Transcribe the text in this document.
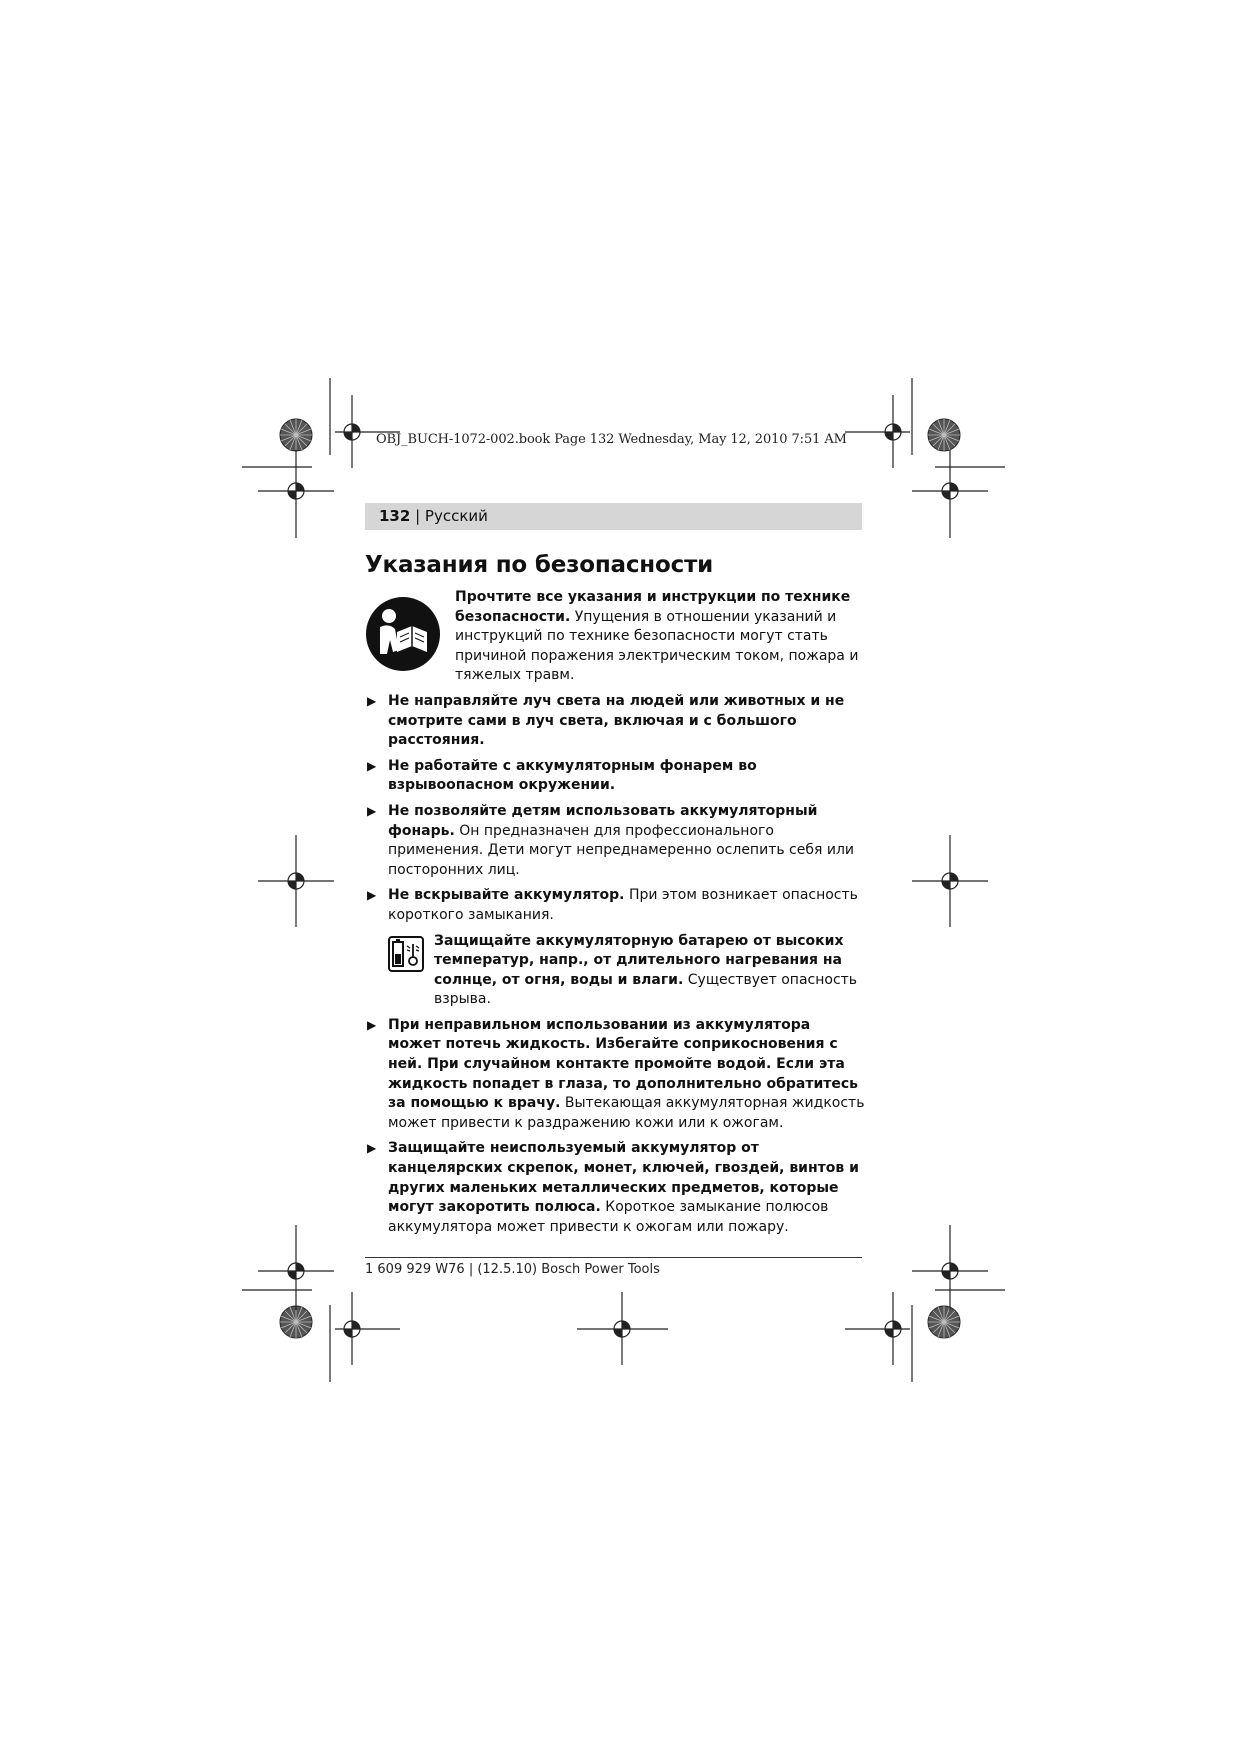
OBJ_BUCH-1072-002.book Page 132 Wednesday, May 12, 2010 7:51 AM
132 | Русский
Указания по безопасности
Прочтите все указания и инструкции по технике безопасности. Упущения в отношении указаний и инструкций по технике безопасности могут стать причиной поражения электрическим током, пожара и тяжелых травм.
▶ Не направляйте луч света на людей или животных и не смотрите сами в луч света, включая и с большого расстояния.

▶ Не работайте с аккумуляторным фонарем во взрывоопасном окружении.

▶ Не позволяйте детям использовать аккумуляторный фонарь. Он предназначен для профессионального применения. Дети могут непреднамеренно ослепить себя или посторонних лиц.

▶ Не вскрывайте аккумулятор. При этом возникает опасность короткого замыкания.

Защищайте аккумуляторную батарею от высоких температур, напр., от длительного нагревания на солнце, от огня, воды и влаги. Существует опасность взрыва.
▶ При неправильном использовании из аккумулятора может потечь жидкость. Избегайте соприкосновения с ней. При случайном контакте промойте водой. Если эта жидкость попадет в глаза, то дополнительно обратитесь за помощью к врачу. Вытекающая аккумуляторная жидкость может привести к раздражению кожи или к ожогам.

▶ Защищайте неиспользуемый аккумулятор от канцелярских скрепок, монет, ключей, гвоздей, винтов и других маленьких металлических предметов, которые могут закоротить полюса. Короткое замыкание полюсов аккумулятора может привести к ожогам или пожару.

1 609 929 W76 | (12.5.10) Bosch Power Tools
